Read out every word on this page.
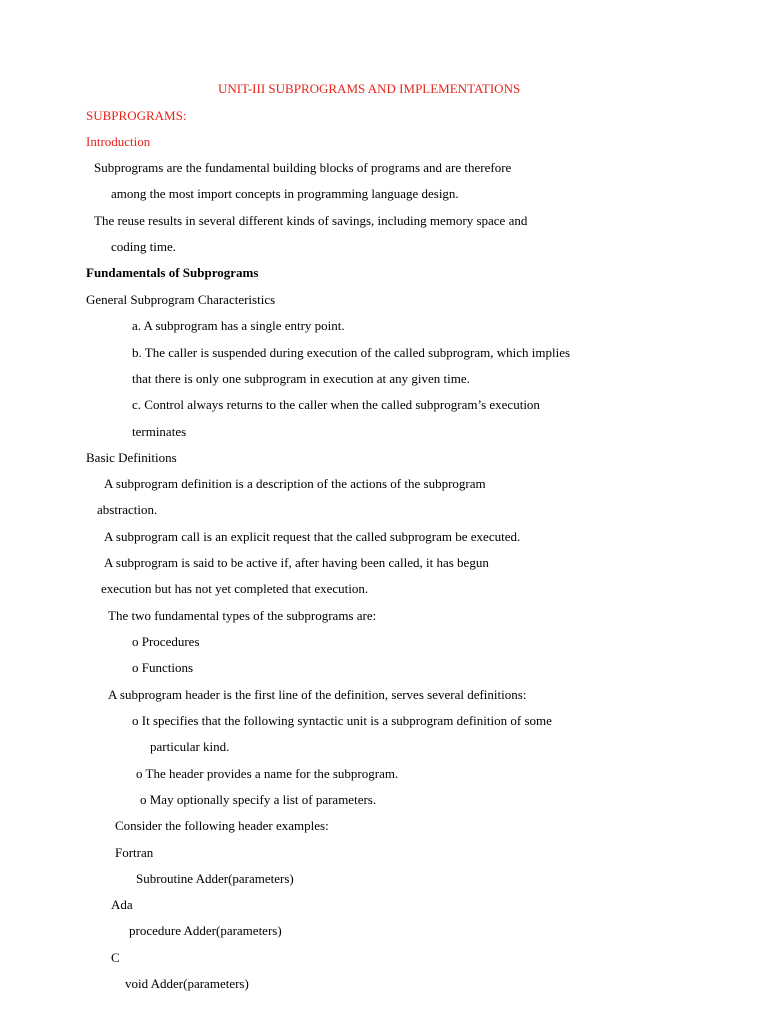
UNIT-III SUBPROGRAMS AND IMPLEMENTATIONS
SUBPROGRAMS:
Introduction
Subprograms are the fundamental building blocks of programs and are therefore
among the most import concepts in programming language design.
The reuse results in several different kinds of savings, including memory space and
coding time.
Fundamentals of Subprograms
General Subprogram Characteristics
a. A subprogram has a single entry point.
b. The caller is suspended during execution of the called subprogram, which implies
that there is only one subprogram in execution at any given time.
c. Control always returns to the caller when the called subprogram’s execution
terminates
Basic Definitions
A subprogram definition is a description of the actions of the subprogram
abstraction.
A subprogram call is an explicit request that the called subprogram be executed.
A subprogram is said to be active if, after having been called, it has begun
execution but has not yet completed that execution.
The two fundamental types of the subprograms are:
o Procedures
o Functions
A subprogram header is the first line of the definition, serves several definitions:
o It specifies that the following syntactic unit is a subprogram definition of some
particular kind.
o The header provides a name for the subprogram.
o May optionally specify a list of parameters.
Consider the following header examples:
Fortran
Subroutine Adder(parameters)
Ada
procedure Adder(parameters)
C
void Adder(parameters)
